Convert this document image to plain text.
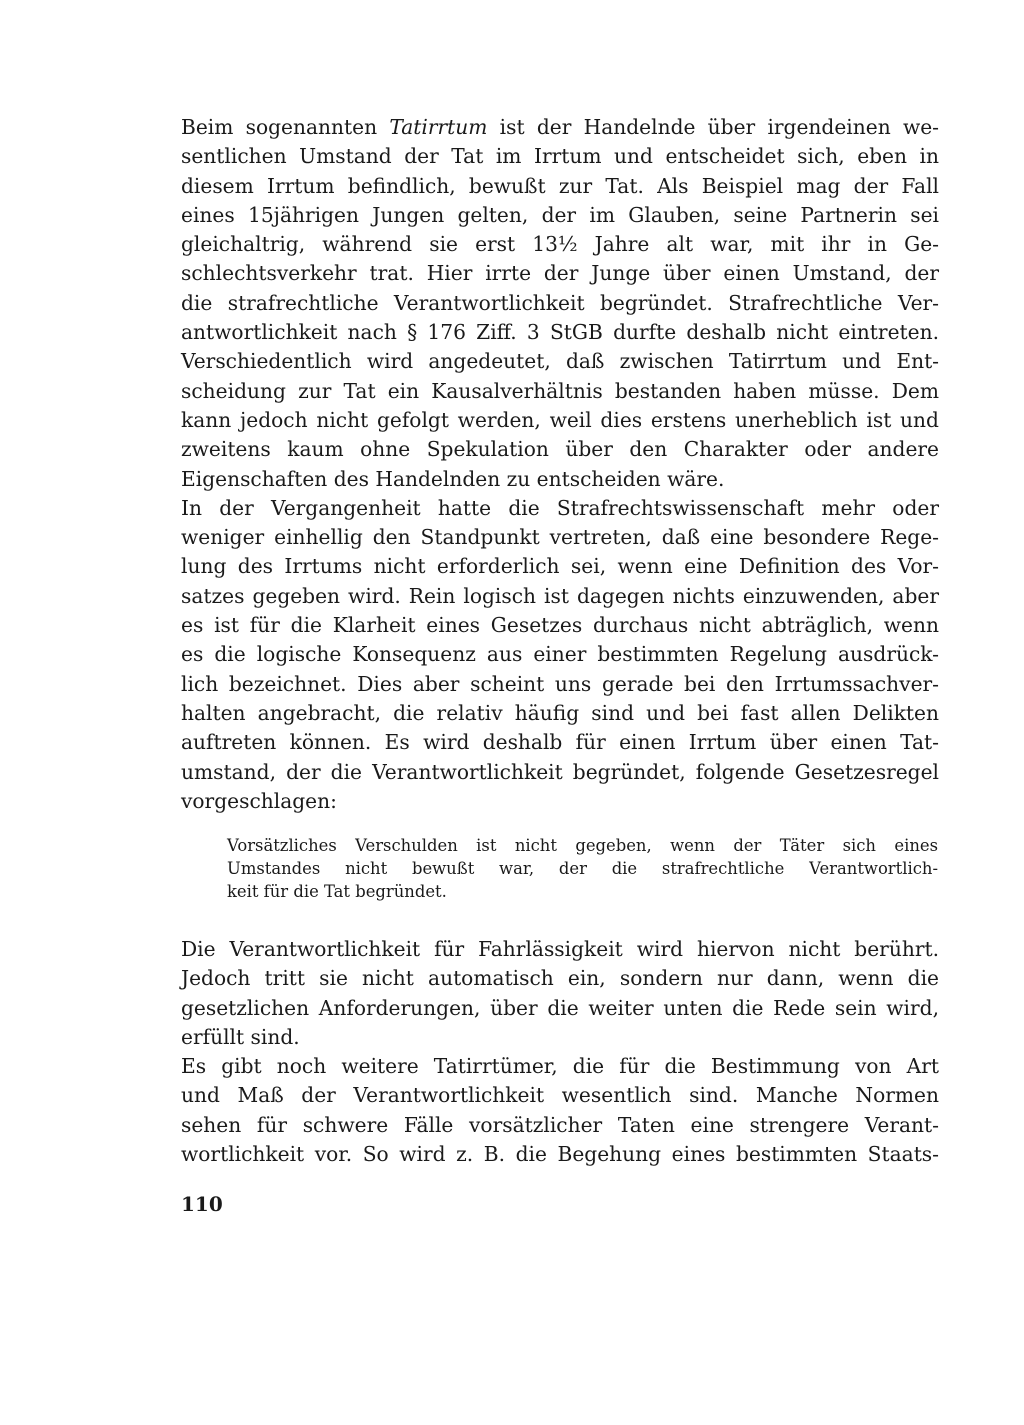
Beim sogenannten Tatirrtum ist der Handelnde über irgendeinen we-
sentlichen Umstand der Tat im Irrtum und entscheidet sich, eben in
diesem Irrtum befindlich, bewußt zur Tat. Als Beispiel mag der Fall
eines 15jährigen Jungen gelten, der im Glauben, seine Partnerin sei
gleichaltrig, während sie erst 13½ Jahre alt war, mit ihr in Ge-
schlechtsverkehr trat. Hier irrte der Junge über einen Umstand, der
die strafrechtliche Verantwortlichkeit begründet. Strafrechtliche Ver-
antwortlichkeit nach § 176 Ziff. 3 StGB durfte deshalb nicht eintreten.
Verschiedentlich wird angedeutet, daß zwischen Tatirrtum und Ent-
scheidung zur Tat ein Kausalverhältnis bestanden haben müsse. Dem
kann jedoch nicht gefolgt werden, weil dies erstens unerheblich ist und
zweitens kaum ohne Spekulation über den Charakter oder andere
Eigenschaften des Handelnden zu entscheiden wäre.
In der Vergangenheit hatte die Strafrechtswissenschaft mehr oder
weniger einhellig den Standpunkt vertreten, daß eine besondere Rege-
lung des Irrtums nicht erforderlich sei, wenn eine Definition des Vor-
satzes gegeben wird. Rein logisch ist dagegen nichts einzuwenden, aber
es ist für die Klarheit eines Gesetzes durchaus nicht abträglich, wenn
es die logische Konsequenz aus einer bestimmten Regelung ausdrück-
lich bezeichnet. Dies aber scheint uns gerade bei den Irrtumssachver-
halten angebracht, die relativ häufig sind und bei fast allen Delikten
auftreten können. Es wird deshalb für einen Irrtum über einen Tat-
umstand, der die Verantwortlichkeit begründet, folgende Gesetzesregel
vorgeschlagen:
Vorsätzliches Verschulden ist nicht gegeben, wenn der Täter sich eines
Umstandes nicht bewußt war, der die strafrechtliche Verantwortlich-
keit für die Tat begründet.
Die Verantwortlichkeit für Fahrlässigkeit wird hiervon nicht berührt.
Jedoch tritt sie nicht automatisch ein, sondern nur dann, wenn die
gesetzlichen Anforderungen, über die weiter unten die Rede sein wird,
erfüllt sind.
Es gibt noch weitere Tatirrtümer, die für die Bestimmung von Art
und Maß der Verantwortlichkeit wesentlich sind. Manche Normen
sehen für schwere Fälle vorsätzlicher Taten eine strengere Verant-
wortlichkeit vor. So wird z. B. die Begehung eines bestimmten Staats-
110
